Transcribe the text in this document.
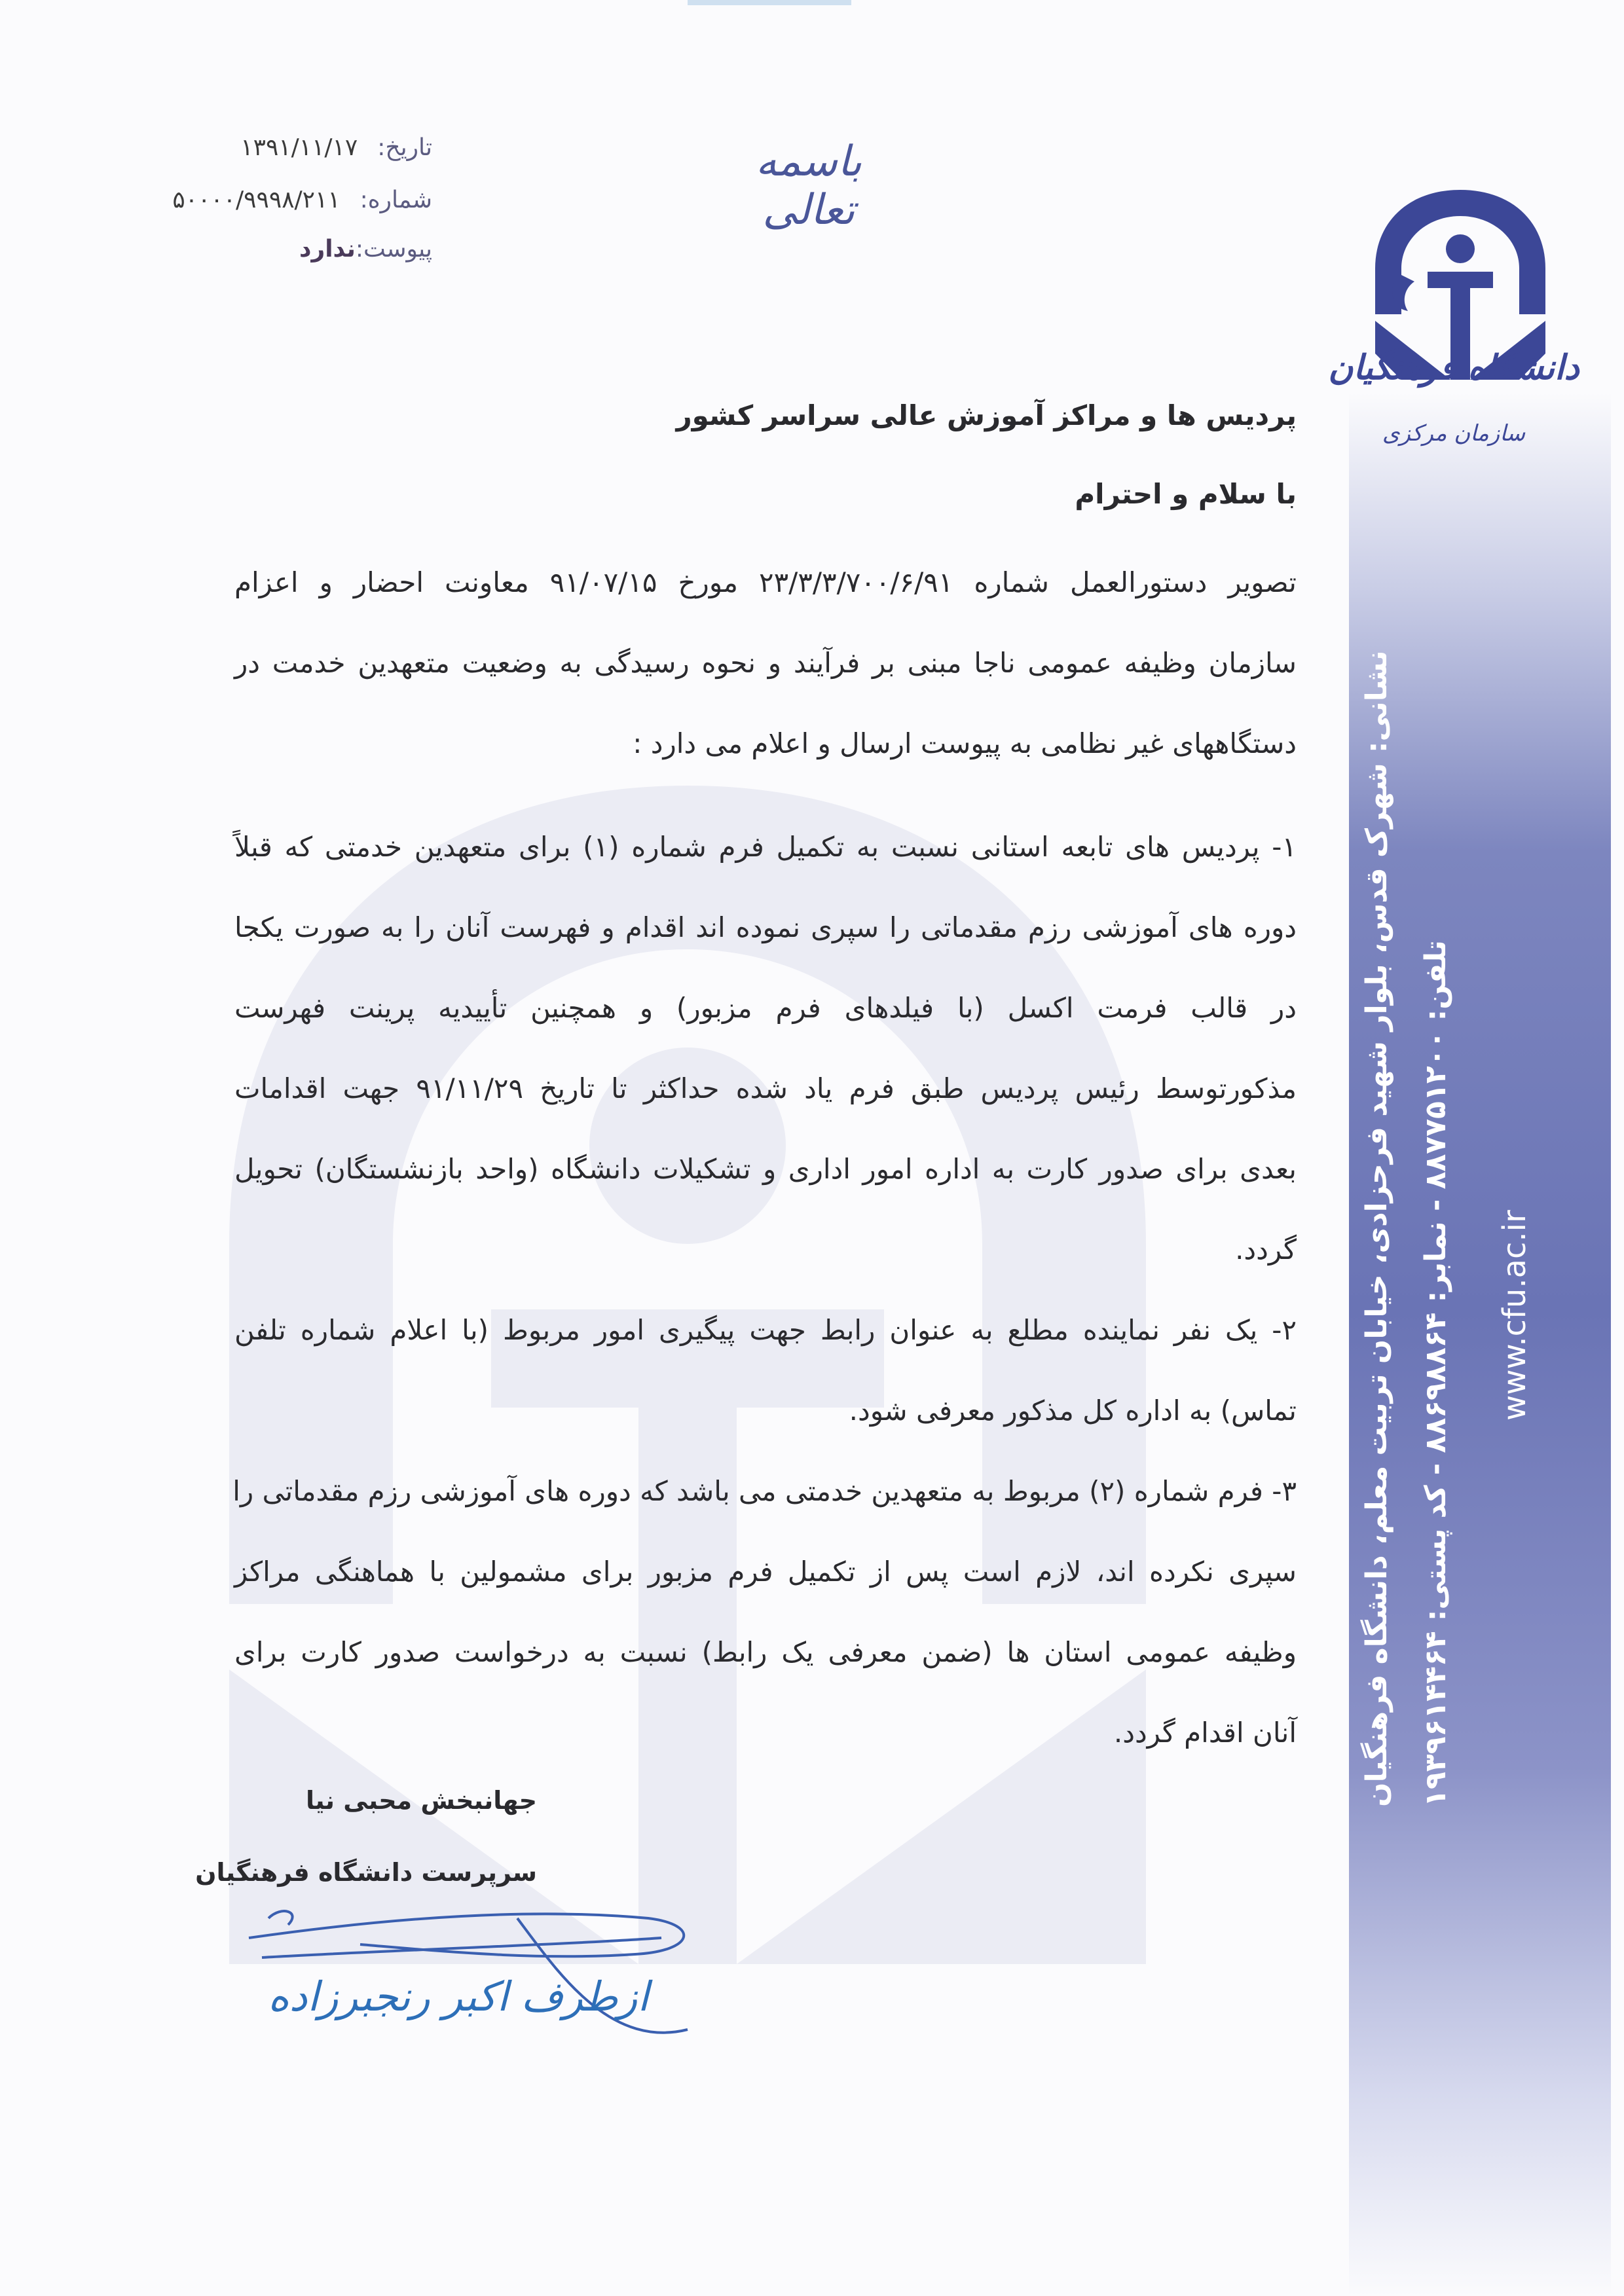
دانشگاه فرهنگیان
سازمان مرکزی
نشانی: شهرک قدس، بلوار شهید فرحزادی، خیابان تربیت معلم، دانشگاه فرهنگیان تلفن: ۸۸۷۷۵۱۲۰۰ - نمابر: ۸۸۶۹۸۸۶۴ - کد پستی: ۱۹۳۹۶۱۴۴۶۴
www.cfu.ac.ir
باسمه تعالی
تاریخ:۱۳۹۱/۱۱/۱۷
شماره:۵۰۰۰۰/۹۹۹۸/۲۱۱
پیوست:ندارد
پردیس ها و مراکز آموزش عالی سراسر کشور
با سلام و احترام
تصویر دستورالعمل شماره ۲۳/۳/۳/۷۰۰/۶/۹۱ مورخ ۹۱/۰۷/۱۵ معاونت احضار و اعزام
سازمان وظیفه عمومی ناجا مبنی بر فرآیند و نحوه رسیدگی به وضعیت متعهدین خدمت در
دستگاههای غیر نظامی به پیوست ارسال و اعلام می دارد :
۱- پردیس های تابعه استانی نسبت به تکمیل فرم شماره (۱) برای متعهدین خدمتی که قبلاً
دوره های آموزشی رزم مقدماتی را سپری نموده اند اقدام و فهرست آنان را به صورت یکجا
در قالب فرمت اکسل (با فیلدهای فرم مزبور) و همچنین تأییدیه پرینت فهرست
مذکورتوسط رئیس پردیس طبق فرم یاد شده حداکثر تا تاریخ ۹۱/۱۱/۲۹ جهت اقدامات
بعدی برای صدور کارت به اداره امور اداری و تشکیلات دانشگاه (واحد بازنشستگان) تحویل
گردد.
۲- یک نفر نماینده مطلع به عنوان رابط جهت پیگیری امور مربوط (با اعلام شماره تلفن
تماس) به اداره کل مذکور معرفی شود.
۳- فرم شماره (۲) مربوط به متعهدین خدمتی می باشد که دوره های آموزشی رزم مقدماتی را
سپری نکرده اند، لازم است پس از تکمیل فرم مزبور برای مشمولین با هماهنگی مراکز
وظیفه عمومی استان ها (ضمن معرفی یک رابط) نسبت به درخواست صدور کارت برای
آنان اقدام گردد.
جهانبخش محبی نیا
سرپرست دانشگاه فرهنگیان
ازطرف اکبر رنجبرزاده
